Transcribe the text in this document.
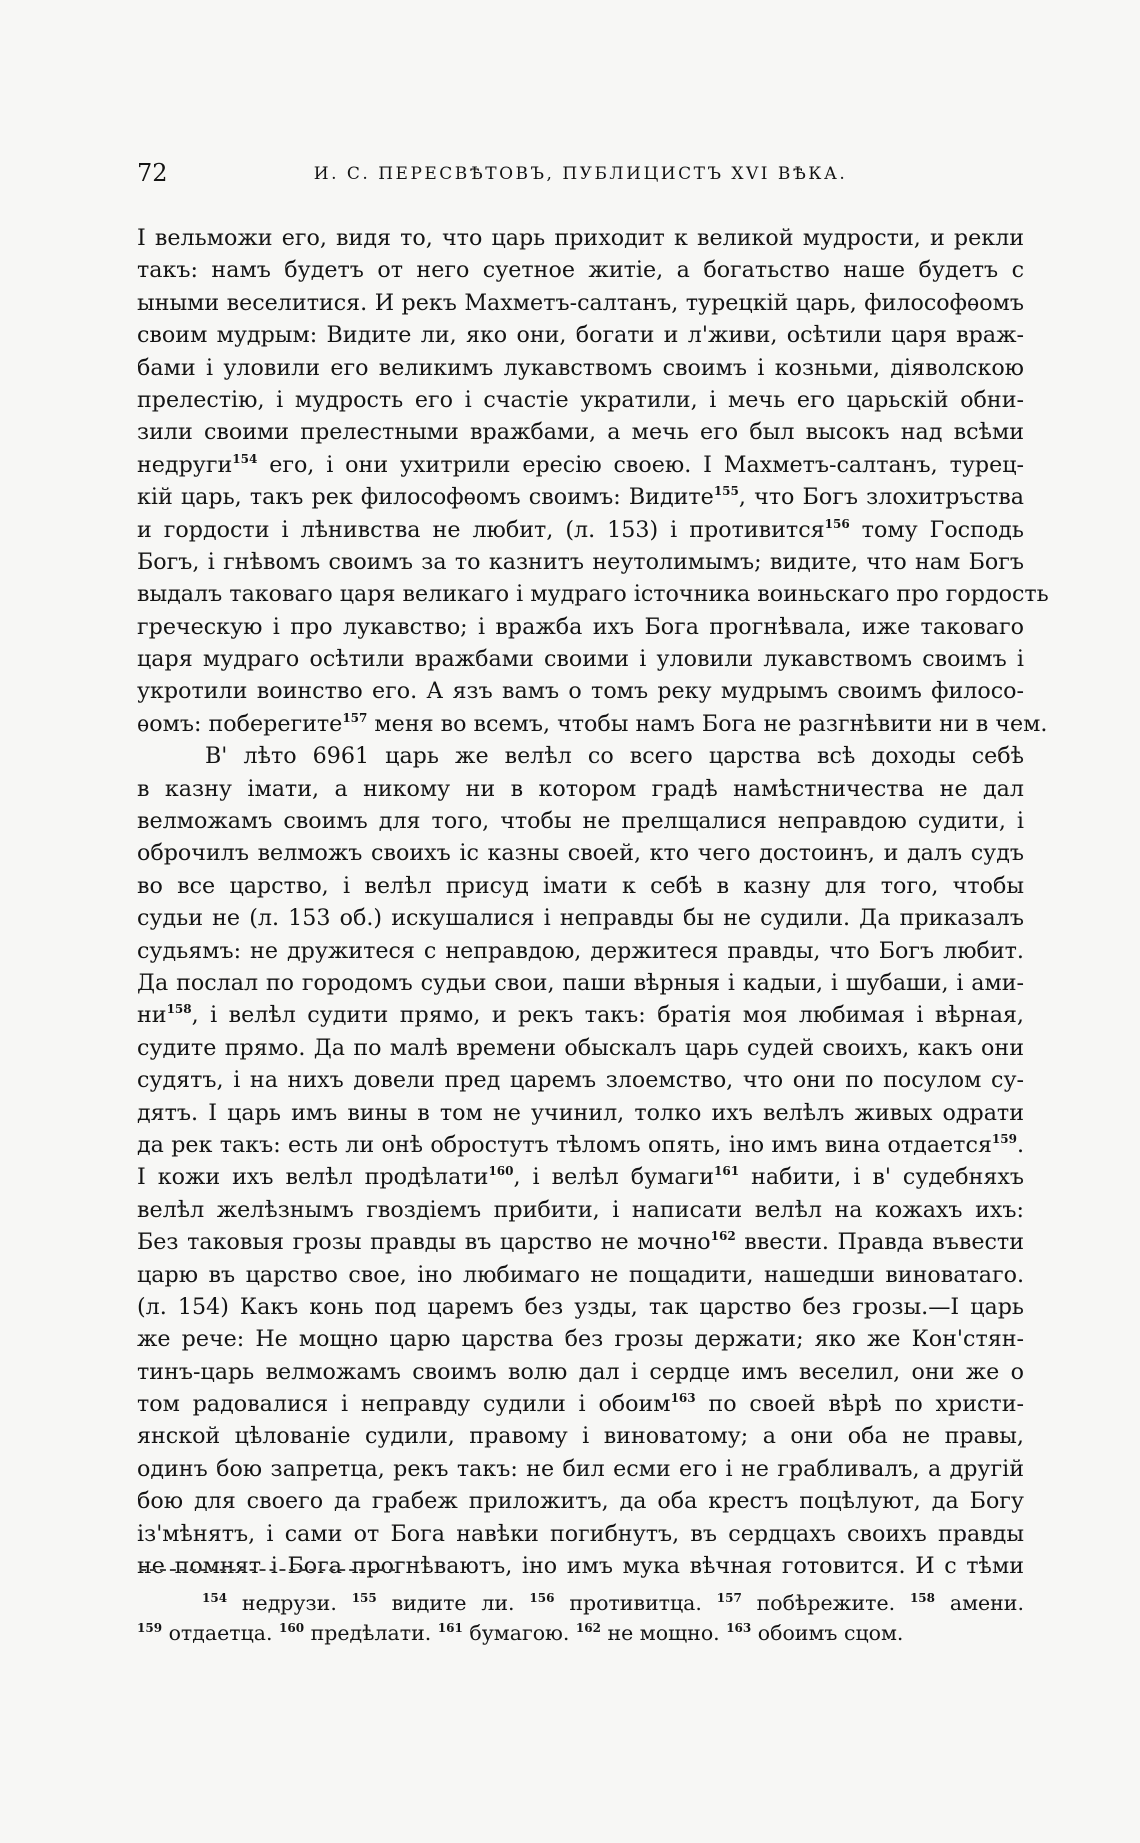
72	И. С. ПЕРЕСВѢТОВЪ, ПУБЛИЦИСТЪ XVI ВѢКА.
І вельможи его, видя то, что царь приходит к великой мудрости, и рекли
такъ: намъ будетъ от него суетное житіе, а богатьство наше будетъ с
ыными веселитися. И рекъ Махметъ-салтанъ, турецкій царь, философѳомъ
своим мудрым: Видите ли, яко они, богати и л'живи, осѣтили царя враж-
бами і уловили его великимъ лукавствомъ своимъ і козньми, діяволскою
прелестію, і мудрость его і счастіе укратили, і мечь его царьскій обни-
зили своими прелестными вражбами, а мечь его был высокъ над всѣми
недруги$^{154}$ его, і они ухитрили ересію своею. І Махметъ-салтанъ, турец-
кій царь, такъ рек философѳомъ своимъ: Видите$^{155}$, что Богъ злохитръства
и гордости і лѣнивства не любит, (л. 153) і противится$^{156}$ тому Господь
Богъ, і гнѣвомъ своимъ за то казнитъ неутолимымъ; видите, что нам Богъ
выдалъ таковаго царя великаго і мудраго істочника воиньскаго про гордость
греческую і про лукавство; і вражба ихъ Бога прогнѣвала, иже таковаго
царя мудраго осѣтили вражбами своими і уловили лукавствомъ своимъ і
укротили воинство его. А язъ вамъ о томъ реку мудрымъ своимъ филосо-
ѳомъ: поберегите$^{157}$ меня во всемъ, чтобы намъ Бога не разгнѣвити ни в чем.
В' лѣто 6961 царь же велѣл со всего царства всѣ доходы себѣ
в казну імати, а никому ни в котором градѣ намѣстничества не дал
велможамъ своимъ для того, чтобы не прелщалися неправдою судити, і
оброчилъ велможъ своихъ іс казны своей, кто чего достоинъ, и далъ судъ
во все царство, і велѣл присуд імати к себѣ в казну для того, чтобы
судьи не (л. 153 об.) искушалися і неправды бы не судили. Да приказалъ
судьямъ: не дружитеся с неправдою, держитеся правды, что Богъ любит.
Да послал по городомъ судьи свои, паши вѣрныя і кадыи, і шубаши, і ами-
$ни^{158}$, і велѣл судити прямо, и рекъ такъ: братія моя любимая і вѣрная,
судите прямо. Да по малѣ времени обыскалъ царь судей своихъ, какъ они
судятъ, і на нихъ довели пред царемъ злоемство, что они по посулом су-
дятъ. І царь имъ вины в том не учинил, толко ихъ велѣлъ живых одрати
да рек такъ: есть ли онѣ обростутъ тѣломъ опять, іно имъ вина отдается$^{159}$.
І кожи ихъ велѣл продѣлати$^{160}$, і велѣл бумаги$^{161}$ набити, і в' судебняхъ
велѣл желѣзнымъ гвоздіемъ прибити, і написати велѣл на кожахъ ихъ:
Без таковыя грозы правды въ царство не мочно$^{162}$ ввести. Правда въвести
царю въ царство свое, іно любимаго не пощадити, нашедши виноватаго.
(л. 154) Какъ конь под царемъ без узды, так царство без грозы.—І царь
же рече: Не мощно царю царства без грозы держати; яко же Кон'стян-
тинъ-царь велможамъ своимъ волю дал і сердце имъ веселил, они же о
том радовалися і неправду судили і обоим$^{163}$ по своей вѣрѣ по христи-
янской цѣлованіе судили, правому і виноватому; а они оба не правы,
одинъ бою запретца, рекъ такъ: не бил есми его і не грабливалъ, а другій
бою для своего да грабеж приложитъ, да оба крестъ поцѣлуют, да Богу
із'мѣнятъ, і сами от Бога навѣки погибнутъ, въ сердцахъ своихъ правды
не помнят і Бога прогнѣваютъ, іно имъ мука вѣчная готовится. И с тѣми
$^{154}$ недрузи. $^{155}$ видите ли. $^{156}$ противитца. $^{157}$ побѣрежите. $^{158}$ амени.
$^{159}$ отдаетца. $^{160}$ предѣлати. $^{161}$ бумагою. $^{162}$ не мощно. $^{163}$ обоимъ сцом.
